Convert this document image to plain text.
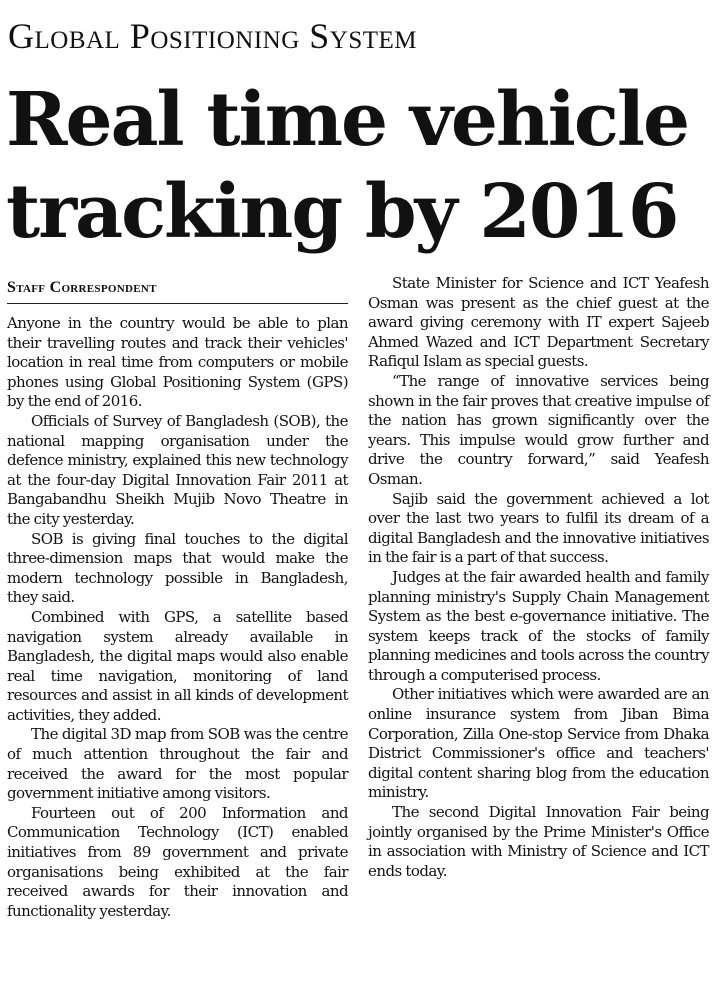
Global Positioning System
Real time vehicle tracking by 2016
Staff Correspondent

Anyone in the country would be able to plan their travelling routes and track their vehicles' location in real time from computers or mobile phones using Global Positioning System (GPS) by the end of 2016.

Officials of Survey of Bangladesh (SOB), the national mapping organisation under the defence ministry, explained this new technology at the four-day Digital Innovation Fair 2011 at Bangabandhu Sheikh Mujib Novo Theatre in the city yesterday.

SOB is giving final touches to the digital three-dimension maps that would make the modern technology possible in Bangladesh, they said.

Combined with GPS, a satellite based navigation system already available in Bangladesh, the digital maps would also enable real time navigation, monitoring of land resources and assist in all kinds of development activities, they added.

The digital 3D map from SOB was the centre of much attention throughout the fair and received the award for the most popular government initiative among visitors.

Fourteen out of 200 Information and Communication Technology (ICT) enabled initiatives from 89 government and private organisations being exhibited at the fair received awards for their innovation and functionality yesterday.

State Minister for Science and ICT Yeafesh Osman was present as the chief guest at the award giving ceremony with IT expert Sajeeb Ahmed Wazed and ICT Department Secretary Rafiqul Islam as special guests.

“The range of innovative services being shown in the fair proves that creative impulse of the nation has grown significantly over the years. This impulse would grow further and drive the country forward,” said Yeafesh Osman.

Sajib said the government achieved a lot over the last two years to fulfil its dream of a digital Bangladesh and the innovative initiatives in the fair is a part of that success.

Judges at the fair awarded health and family planning ministry's Supply Chain Management System as the best e-governance initiative. The system keeps track of the stocks of family planning medicines and tools across the country through a computerised process.

Other initiatives which were awarded are an online insurance system from Jiban Bima Corporation, Zilla One-stop Service from Dhaka District Commissioner's office and teachers' digital content sharing blog from the education ministry.

The second Digital Innovation Fair being jointly organised by the Prime Minister's Office in association with Ministry of Science and ICT ends today.
